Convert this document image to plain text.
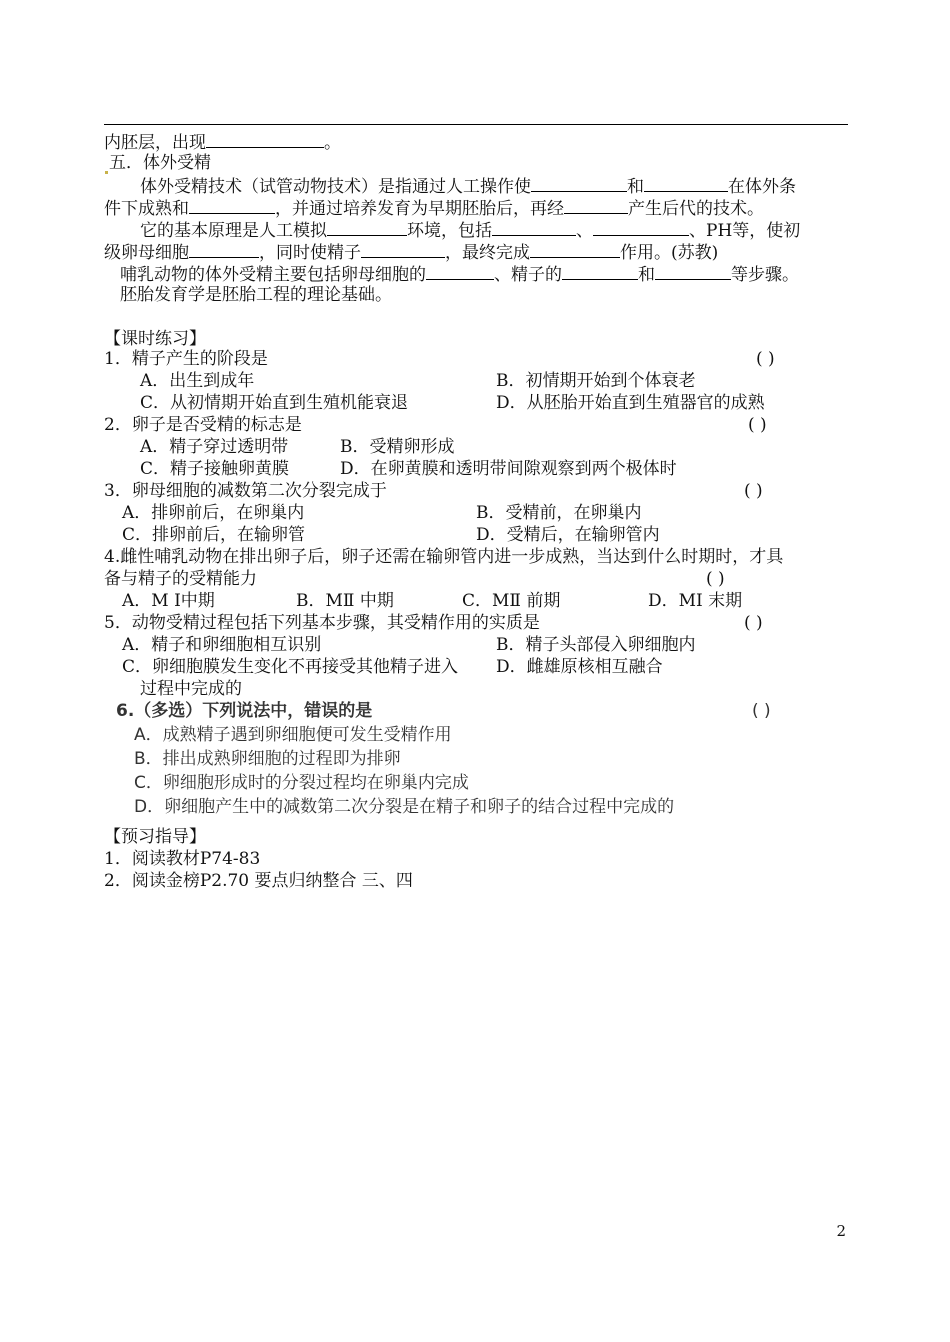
内胚层，出现	。
五．体外受精
体外受精技术（试管动物技术）是指通过人工操作使	和	在体外条
件下成熟和	，并通过培养发育为早期胚胎后，再经	产生后代的技术。
它的基本原理是人工模拟	环境，包括	、	、PH等，使初
级卵母细胞	，同时使精子	，最终完成	作用。(苏教)
哺乳动物的体外受精主要包括卵母细胞的	、精子的	和	等步骤。
胚胎发育学是胚胎工程的理论基础。
【课时练习】
1．精子产生的阶段是	( )
A．出生到成年	B．初情期开始到个体衰老
C．从初情期开始直到生殖机能衰退	D．从胚胎开始直到生殖器官的成熟
2．卵子是否受精的标志是	( )
A．精子穿过透明带	B．受精卵形成
C．精子接触卵黄膜	D．在卵黄膜和透明带间隙观察到两个极体时
3．卵母细胞的减数第二次分裂完成于	( )
A．排卵前后，在卵巢内	B．受精前，在卵巢内
C．排卵前后，在输卵管	D．受精后，在输卵管内
4.雌性哺乳动物在排出卵子后，卵子还需在输卵管内进一步成熟，当达到什么时期时，才具
备与精子的受精能力	( )
A．M Ⅰ中期	B．MⅡ 中期	C．MⅡ 前期	D．MI 末期
5．动物受精过程包括下列基本步骤，其受精作用的实质是	( )
A．精子和卵细胞相互识别	B．精子头部侵入卵细胞内
C．卵细胞膜发生变化不再接受其他精子进入 D．雌雄原核相互融合
过程中完成的
6.（多选）下列说法中，错误的是	( )
A．成熟精子遇到卵细胞便可发生受精作用
B．排出成熟卵细胞的过程即为排卵
C．卵细胞形成时的分裂过程均在卵巢内完成
D．卵细胞产生中的减数第二次分裂是在精子和卵子的结合过程中完成的
【预习指导】
1．阅读教材P74-83
2．阅读金榜P2.70 要点归纳整合 三、四
2
